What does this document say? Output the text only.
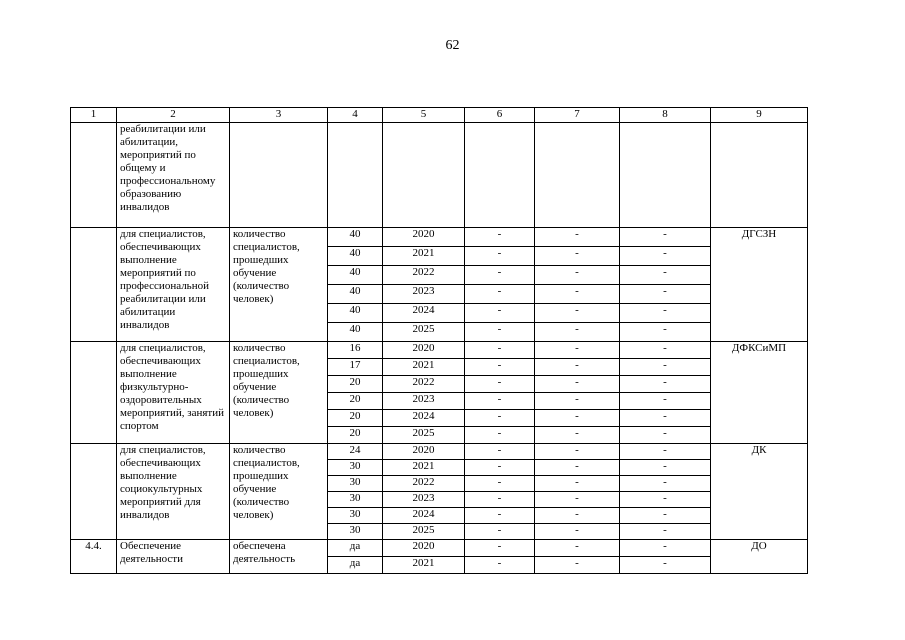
62
1	2	3	4	5	6	7	8	9
	реабилитации или абилитации, мероприятий по общему и профессиональному образованию инвалидов							
	для специалистов, обеспечивающих выполнение мероприятий по профессиональной реабилитации или абилитации инвалидов	количество специалистов, прошедших обучение (количество человек)	40	2020	-	-	-	ДГСЗН
			40	2021	-	-	-	
			40	2022	-	-	-	
			40	2023	-	-	-	
			40	2024	-	-	-	
			40	2025	-	-	-	
	для специалистов, обеспечивающих выполнение физкультурно-оздоровительных мероприятий, занятий спортом	количество специалистов, прошедших обучение (количество человек)	16	2020	-	-	-	ДФКСиМП
			17	2021	-	-	-	
			20	2022	-	-	-	
			20	2023	-	-	-	
			20	2024	-	-	-	
			20	2025	-	-	-	
	для специалистов, обеспечивающих выполнение социокультурных мероприятий для инвалидов	количество специалистов, прошедших обучение (количество человек)	24	2020	-	-	-	ДК
			30	2021	-	-	-	
			30	2022	-	-	-	
			30	2023	-	-	-	
			30	2024	-	-	-	
			30	2025	-	-	-	
4.4.	Обеспечение деятельности	обеспечена деятельность	да	2020	-	-	-	ДО
			да	2021	-	-	-	
